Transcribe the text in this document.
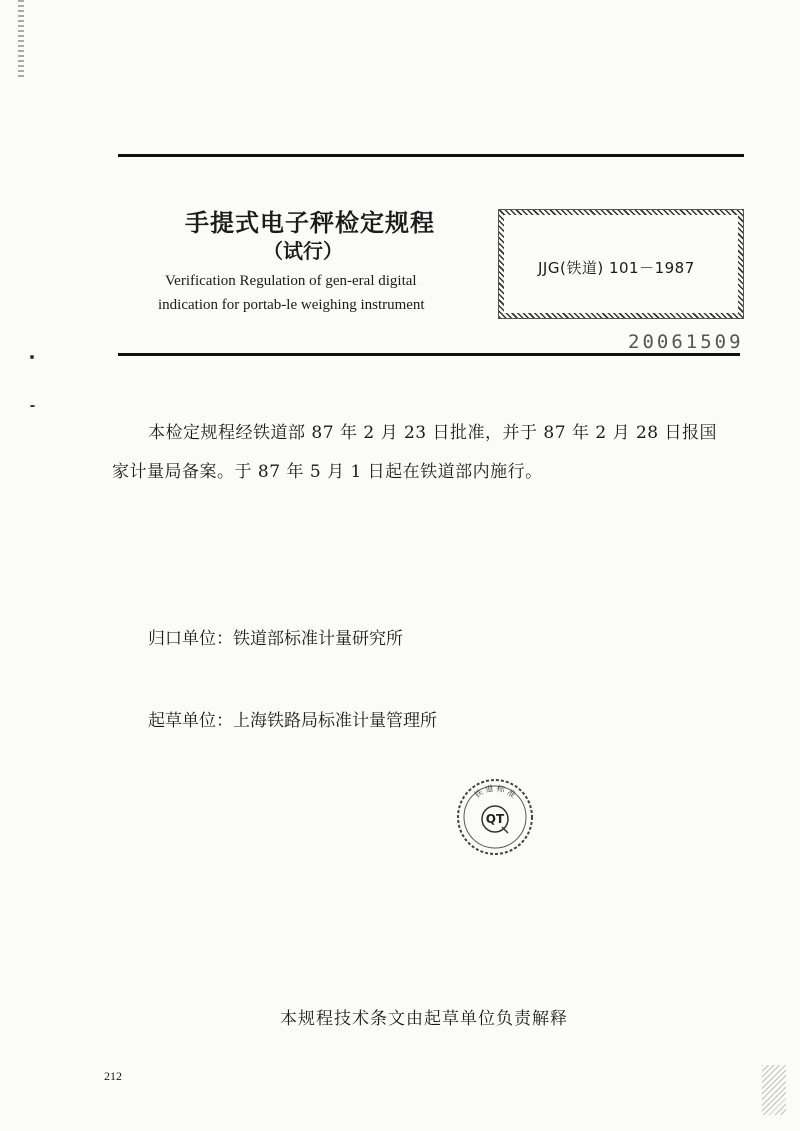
手提式电子秤检定规程
（试行）
Verification Regulation of gen-eral digital
indication for portab-le weighing instrument
JJG(铁道) 101－1987
20061509
本检定规程经铁道部 87 年 2 月 23 日批准，并于 87 年 2 月 28 日报国
家计量局备案。于 87 年 5 月 1 日起在铁道部内施行。
归口单位：铁道部标准计量研究所
起草单位：上海铁路局标准计量管理所
铁 道 标 准
QT
本规程技术条文由起草单位负责解释
212
